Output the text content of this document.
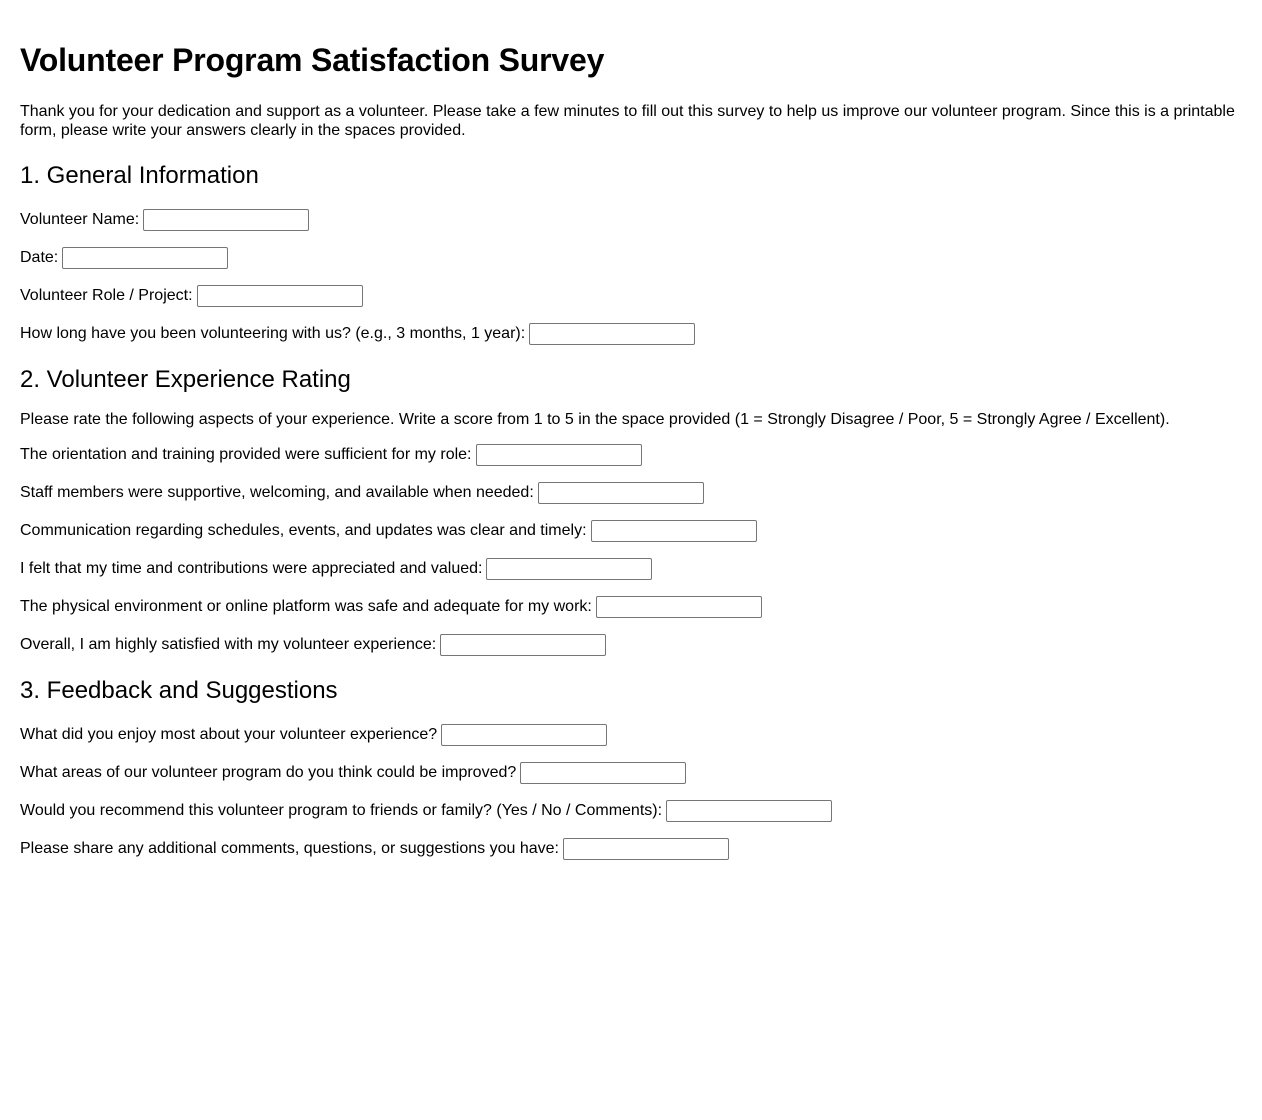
Volunteer Program Satisfaction Survey

Thank you for your dedication and support as a volunteer. Please take a few minutes to fill out this survey to help us improve our volunteer program. Since this is a printable form, please write your answers clearly in the spaces provided.

1. General Information
Volunteer Name:
Date:
Volunteer Role / Project:
How long have you been volunteering with us? (e.g., 3 months, 1 year):
2. Volunteer Experience Rating
Please rate the following aspects of your experience. Write a score from 1 to 5 in the space provided (1 = Strongly Disagree / Poor, 5 = Strongly Agree / Excellent).
The orientation and training provided were sufficient for my role:
Staff members were supportive, welcoming, and available when needed:
Communication regarding schedules, events, and updates was clear and timely:
I felt that my time and contributions were appreciated and valued:
The physical environment or online platform was safe and adequate for my work:
Overall, I am highly satisfied with my volunteer experience:
3. Feedback and Suggestions
What did you enjoy most about your volunteer experience?
What areas of our volunteer program do you think could be improved?
Would you recommend this volunteer program to friends or family? (Yes / No / Comments):
Please share any additional comments, questions, or suggestions you have:
